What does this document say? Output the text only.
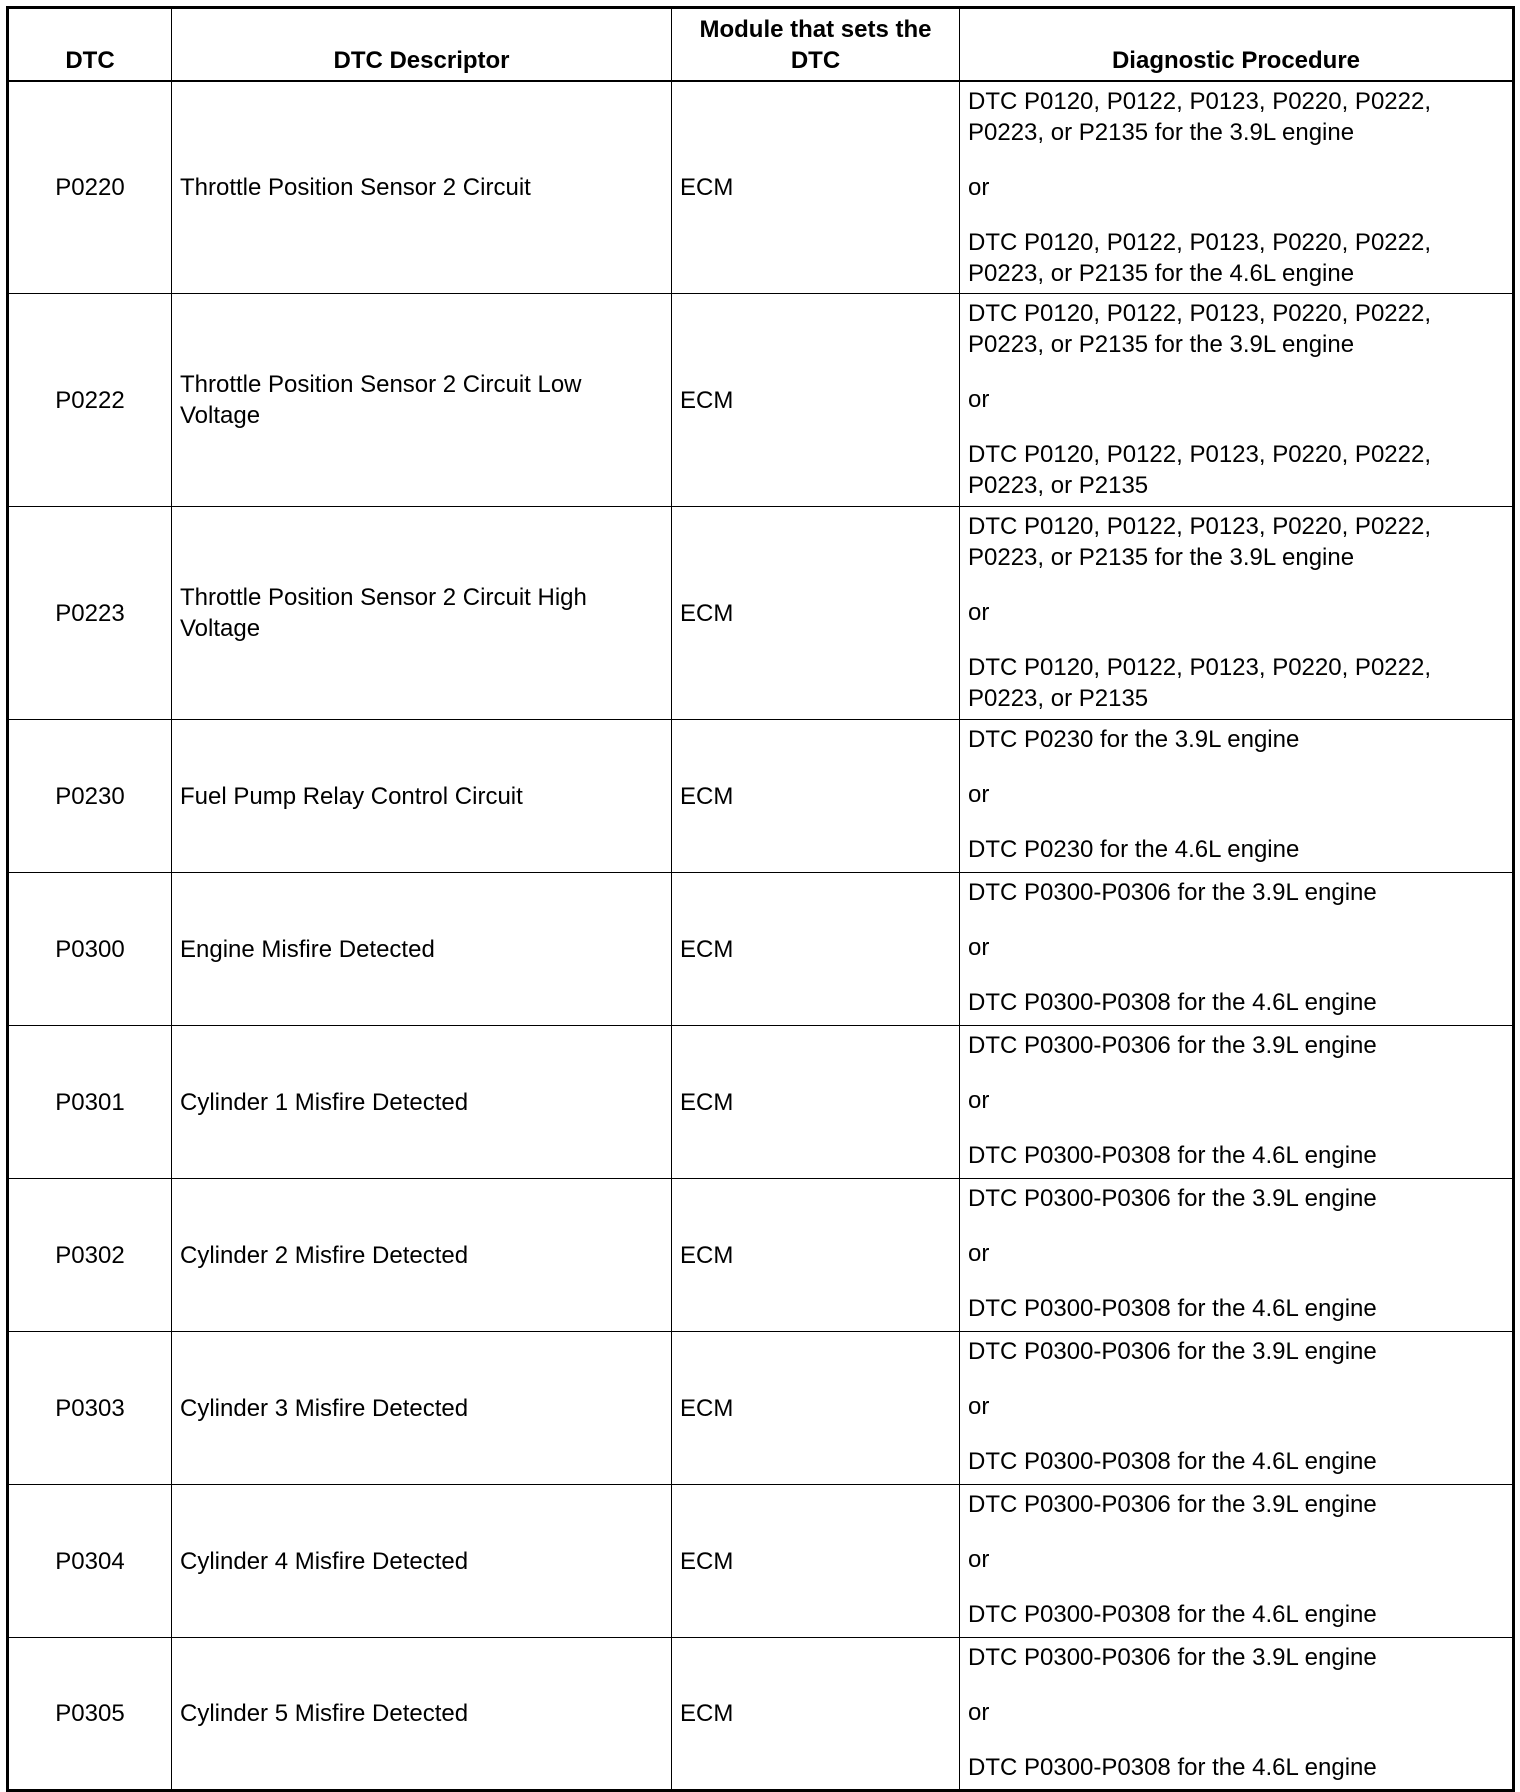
DTC	DTC Descriptor	Module that sets the DTC	Diagnostic Procedure
P0220	Throttle Position Sensor 2 Circuit	ECM	DTC P0120, P0122, P0123, P0220, P0222, P0223, or P2135 for the 3.9L engine
or
DTC P0120, P0122, P0123, P0220, P0222, P0223, or P2135 for the 4.6L engine

P0222	Throttle Position Sensor 2 Circuit Low Voltage	ECM	DTC P0120, P0122, P0123, P0220, P0222, P0223, or P2135 for the 3.9L engine
or
DTC P0120, P0122, P0123, P0220, P0222, P0223, or P2135

P0223	Throttle Position Sensor 2 Circuit High Voltage	ECM	DTC P0120, P0122, P0123, P0220, P0222, P0223, or P2135 for the 3.9L engine
or
DTC P0120, P0122, P0123, P0220, P0222, P0223, or P2135

P0230	Fuel Pump Relay Control Circuit	ECM	DTC P0230 for the 3.9L engine
or
DTC P0230 for the 4.6L engine

P0300	Engine Misfire Detected	ECM	DTC P0300-P0306 for the 3.9L engine
or
DTC P0300-P0308 for the 4.6L engine

P0301	Cylinder 1 Misfire Detected	ECM	DTC P0300-P0306 for the 3.9L engine
or
DTC P0300-P0308 for the 4.6L engine

P0302	Cylinder 2 Misfire Detected	ECM	DTC P0300-P0306 for the 3.9L engine
or
DTC P0300-P0308 for the 4.6L engine

P0303	Cylinder 3 Misfire Detected	ECM	DTC P0300-P0306 for the 3.9L engine
or
DTC P0300-P0308 for the 4.6L engine

P0304	Cylinder 4 Misfire Detected	ECM	DTC P0300-P0306 for the 3.9L engine
or
DTC P0300-P0308 for the 4.6L engine

P0305	Cylinder 5 Misfire Detected	ECM	DTC P0300-P0306 for the 3.9L engine
or
DTC P0300-P0308 for the 4.6L engine
